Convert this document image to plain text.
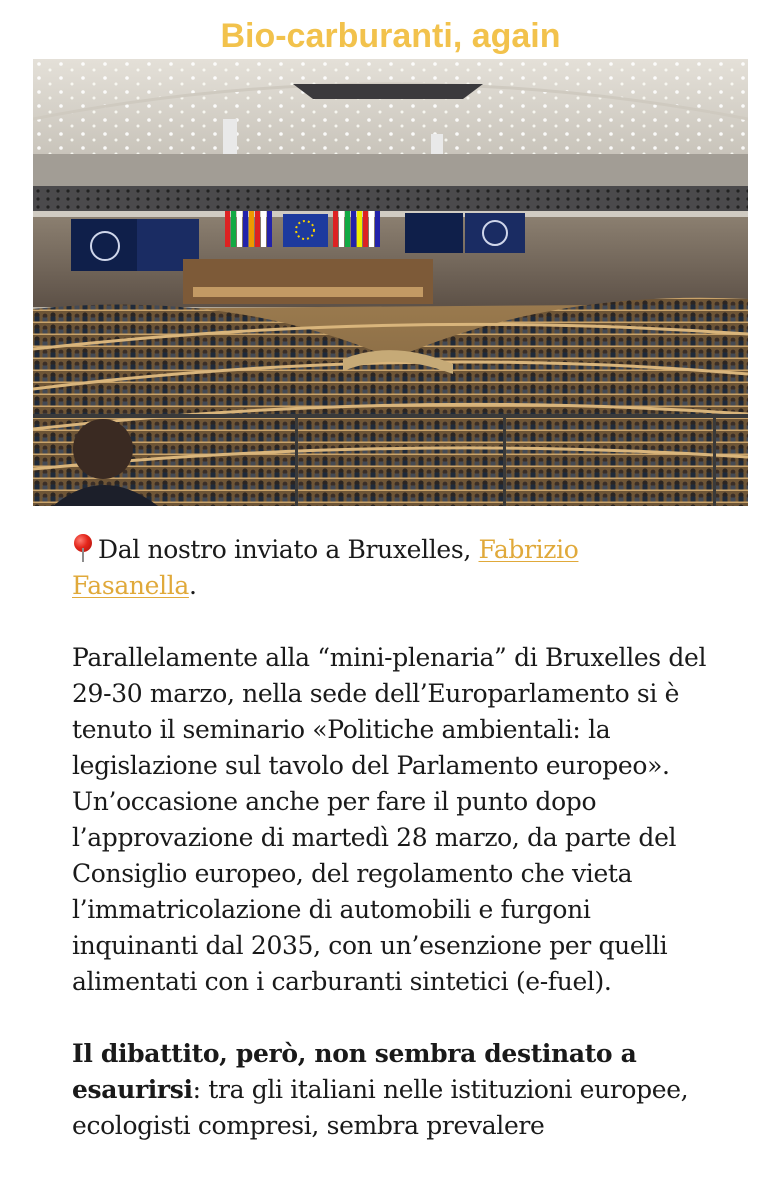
Bio-carburanti, again

Dal nostro inviato a Bruxelles, Fabrizio
Fasanella.

Parallelamente alla “mini-plenaria” di Bruxelles del 29-30 marzo, nella sede dell’Europarlamento si è tenuto il seminario «Politiche ambientali: la legislazione sul tavolo del Parlamento europeo». Un’occasione anche per fare il punto dopo l’approvazione di martedì 28 marzo, da parte del Consiglio europeo, del regolamento che vieta l’immatricolazione di automobili e furgoni inquinanti dal 2035, con un’esenzione per quelli alimentati con i carburanti sintetici (e-fuel).

Il dibattito, però, non sembra destinato a esaurirsi: tra gli italiani nelle istituzioni europee, ecologisti compresi, sembra prevalere
